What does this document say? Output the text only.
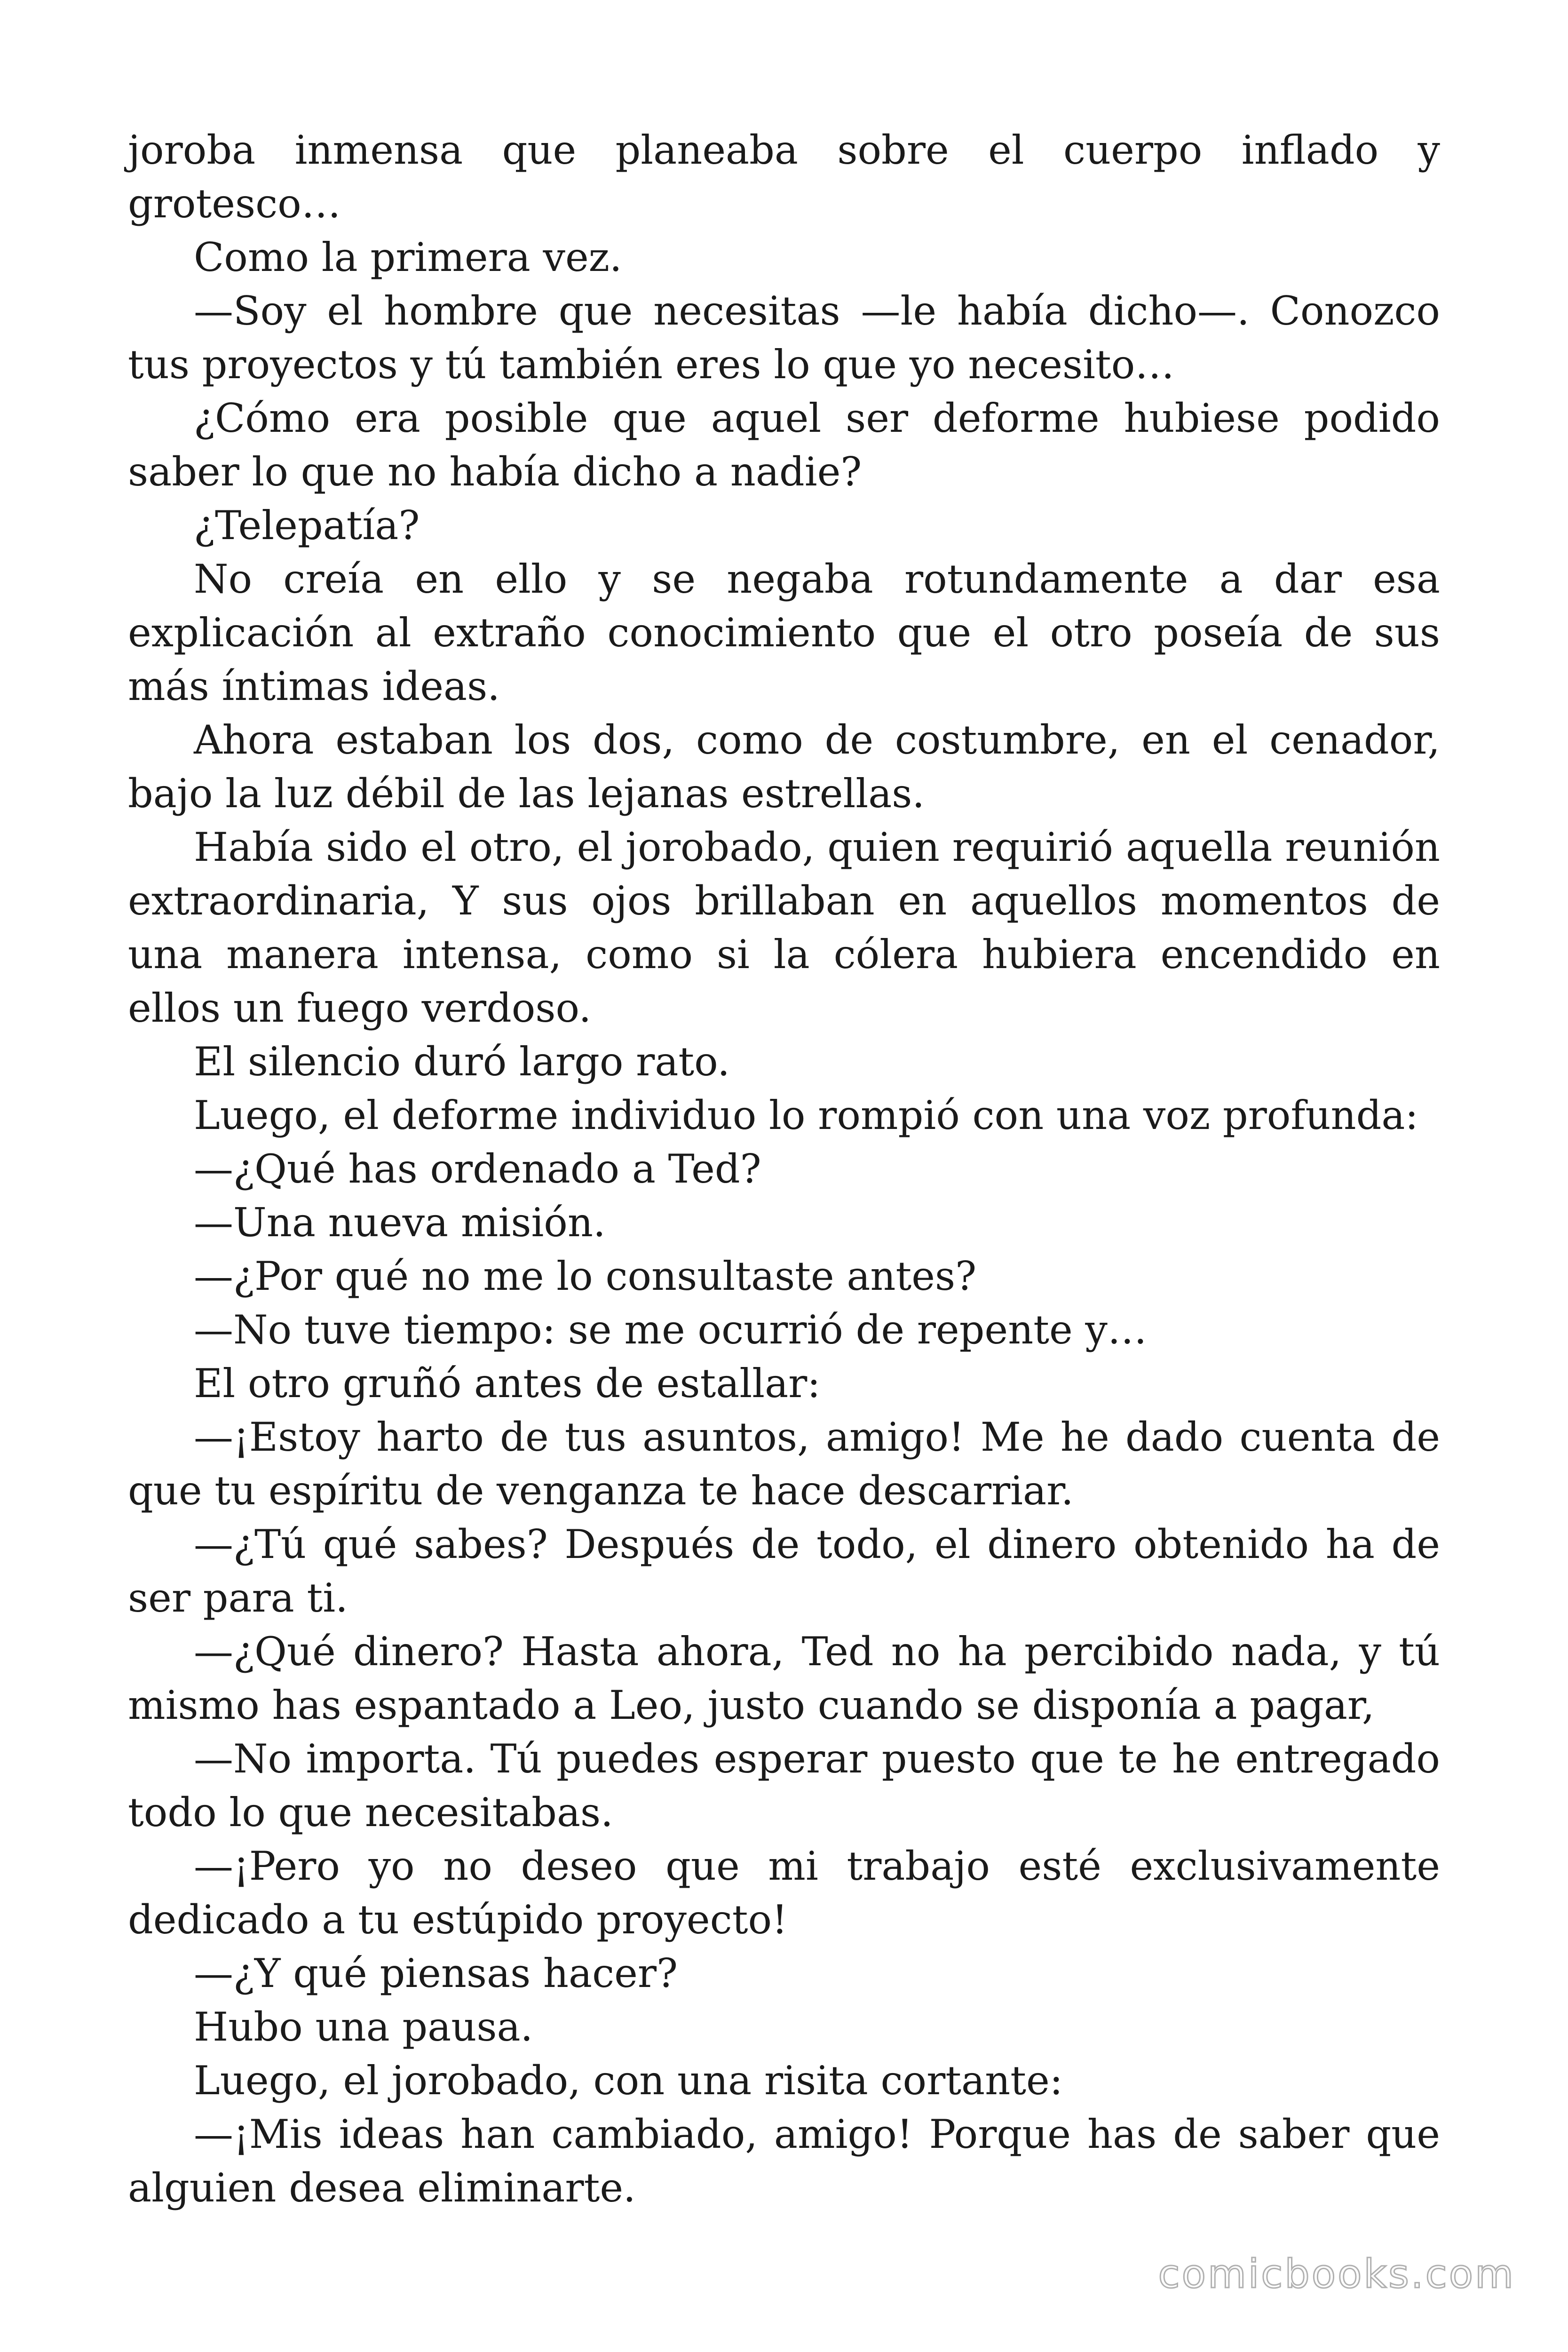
joroba inmensa que planeaba sobre el cuerpo inflado y grotesco…

Como la primera vez.

—Soy el hombre que necesitas —le había dicho—. Conozco tus proyectos y tú también eres lo que yo necesito…

¿Cómo era posible que aquel ser deforme hubiese podido saber lo que no había dicho a nadie?

¿Telepatía?

No creía en ello y se negaba rotundamente a dar esa explicación al extraño conocimiento que el otro poseía de sus más íntimas ideas.

Ahora estaban los dos, como de costumbre, en el cenador, bajo la luz débil de las lejanas estrellas.

Había sido el otro, el jorobado, quien requirió aquella reunión extraordinaria, Y sus ojos brillaban en aquellos momentos de una manera intensa, como si la cólera hubiera encendido en ellos un fuego verdoso.

El silencio duró largo rato.

Luego, el deforme individuo lo rompió con una voz profunda:

—¿Qué has ordenado a Ted?

—Una nueva misión.

—¿Por qué no me lo consultaste antes?

—No tuve tiempo: se me ocurrió de repente y…

El otro gruñó antes de estallar:

—¡Estoy harto de tus asuntos, amigo! Me he dado cuenta de que tu espíritu de venganza te hace descarriar.

—¿Tú qué sabes? Después de todo, el dinero obtenido ha de ser para ti.

—¿Qué dinero? Hasta ahora, Ted no ha percibido nada, y tú mismo has espantado a Leo, justo cuando se disponía a pagar,

—No importa. Tú puedes esperar puesto que te he entregado todo lo que necesitabas.

—¡Pero yo no deseo que mi trabajo esté exclusivamente dedicado a tu estúpido proyecto!

—¿Y qué piensas hacer?

Hubo una pausa.

Luego, el jorobado, con una risita cortante:

—¡Mis ideas han cambiado, amigo! Porque has de saber que alguien desea eliminarte.

comicbooks.com
